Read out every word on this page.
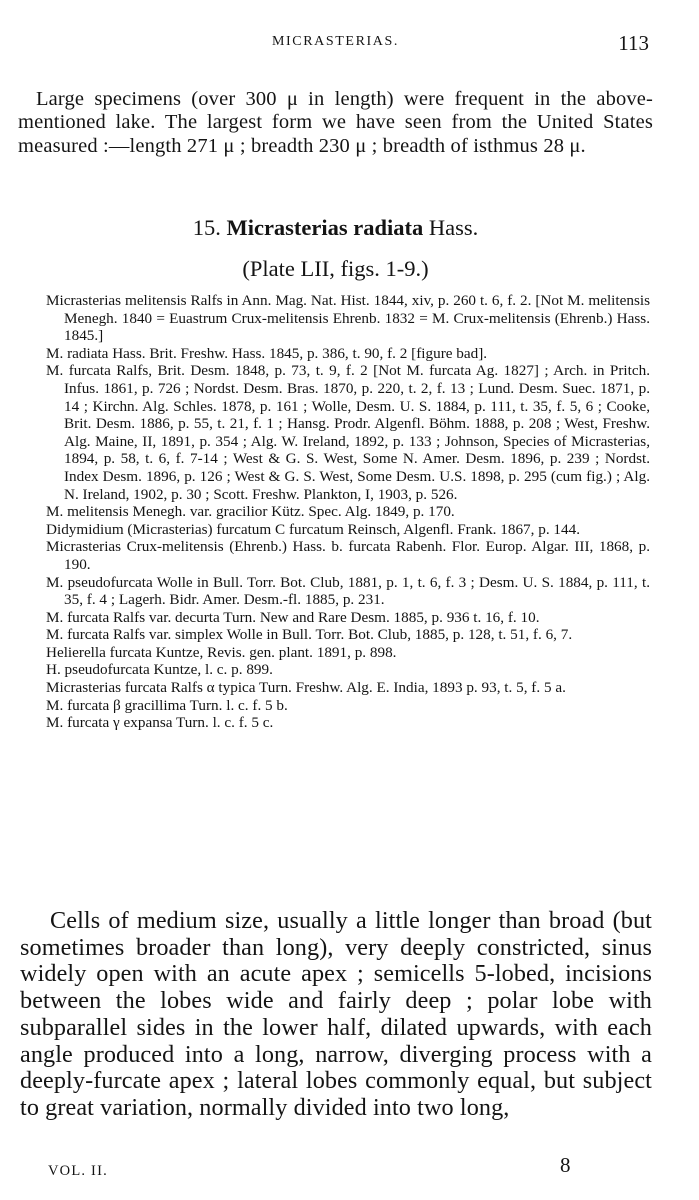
MICRASTERIAS.	113

Large specimens (over 300 μ in length) were frequent in the above-mentioned lake. The largest form we have seen from the United States measured :—length 271 μ ; breadth 230 μ ; breadth of isthmus 28 μ.

15. Micrasterias radiata Hass.
(Plate LII, figs. 1-9.)

Micrasterias melitensis Ralfs in Ann. Mag. Nat. Hist. 1844, xiv, p. 260 t. 6, f. 2. [Not M. melitensis Menegh. 1840 = Euastrum Crux-melitensis Ehrenb. 1832 = M. Crux-melitensis (Ehrenb.) Hass. 1845.]

M. radiata Hass. Brit. Freshw. Hass. 1845, p. 386, t. 90, f. 2 [figure bad].

M. furcata Ralfs, Brit. Desm. 1848, p. 73, t. 9, f. 2 [Not M. furcata Ag. 1827] ; Arch. in Pritch. Infus. 1861, p. 726 ; Nordst. Desm. Bras. 1870, p. 220, t. 2, f. 13 ; Lund. Desm. Suec. 1871, p. 14 ; Kirchn. Alg. Schles. 1878, p. 161 ; Wolle, Desm. U. S. 1884, p. 111, t. 35, f. 5, 6 ; Cooke, Brit. Desm. 1886, p. 55, t. 21, f. 1 ; Hansg. Prodr. Algenfl. Böhm. 1888, p. 208 ; West, Freshw. Alg. Maine, II, 1891, p. 354 ; Alg. W. Ireland, 1892, p. 133 ; Johnson, Species of Micrasterias, 1894, p. 58, t. 6, f. 7-14 ; West & G. S. West, Some N. Amer. Desm. 1896, p. 239 ; Nordst. Index Desm. 1896, p. 126 ; West & G. S. West, Some Desm. U.S. 1898, p. 295 (cum fig.) ; Alg. N. Ireland, 1902, p. 30 ; Scott. Freshw. Plankton, I, 1903, p. 526.

M. melitensis Menegh. var. gracilior Kütz. Spec. Alg. 1849, p. 170.

Didymidium (Micrasterias) furcatum C furcatum Reinsch, Algenfl. Frank. 1867, p. 144.

Micrasterias Crux-melitensis (Ehrenb.) Hass. b. furcata Rabenh. Flor. Europ. Algar. III, 1868, p. 190.

M. pseudofurcata Wolle in Bull. Torr. Bot. Club, 1881, p. 1, t. 6, f. 3 ; Desm. U. S. 1884, p. 111, t. 35, f. 4 ; Lagerh. Bidr. Amer. Desm.-fl. 1885, p. 231.

M. furcata Ralfs var. decurta Turn. New and Rare Desm. 1885, p. 936 t. 16, f. 10.

M. furcata Ralfs var. simplex Wolle in Bull. Torr. Bot. Club, 1885, p. 128, t. 51, f. 6, 7.

Helierella furcata Kuntze, Revis. gen. plant. 1891, p. 898.

H. pseudofurcata Kuntze, l. c. p. 899.

Micrasterias furcata Ralfs α typica Turn. Freshw. Alg. E. India, 1893 p. 93, t. 5, f. 5 a.

M. furcata β gracillima Turn. l. c. f. 5 b.

M. furcata γ expansa Turn. l. c. f. 5 c.

Cells of medium size, usually a little longer than broad (but sometimes broader than long), very deeply constricted, sinus widely open with an acute apex ; semicells 5-lobed, incisions between the lobes wide and fairly deep ; polar lobe with subparallel sides in the lower half, dilated upwards, with each angle produced into a long, narrow, diverging process with a deeply-furcate apex ; lateral lobes commonly equal, but subject to great variation, normally divided into two long,

VOL. II.	8
